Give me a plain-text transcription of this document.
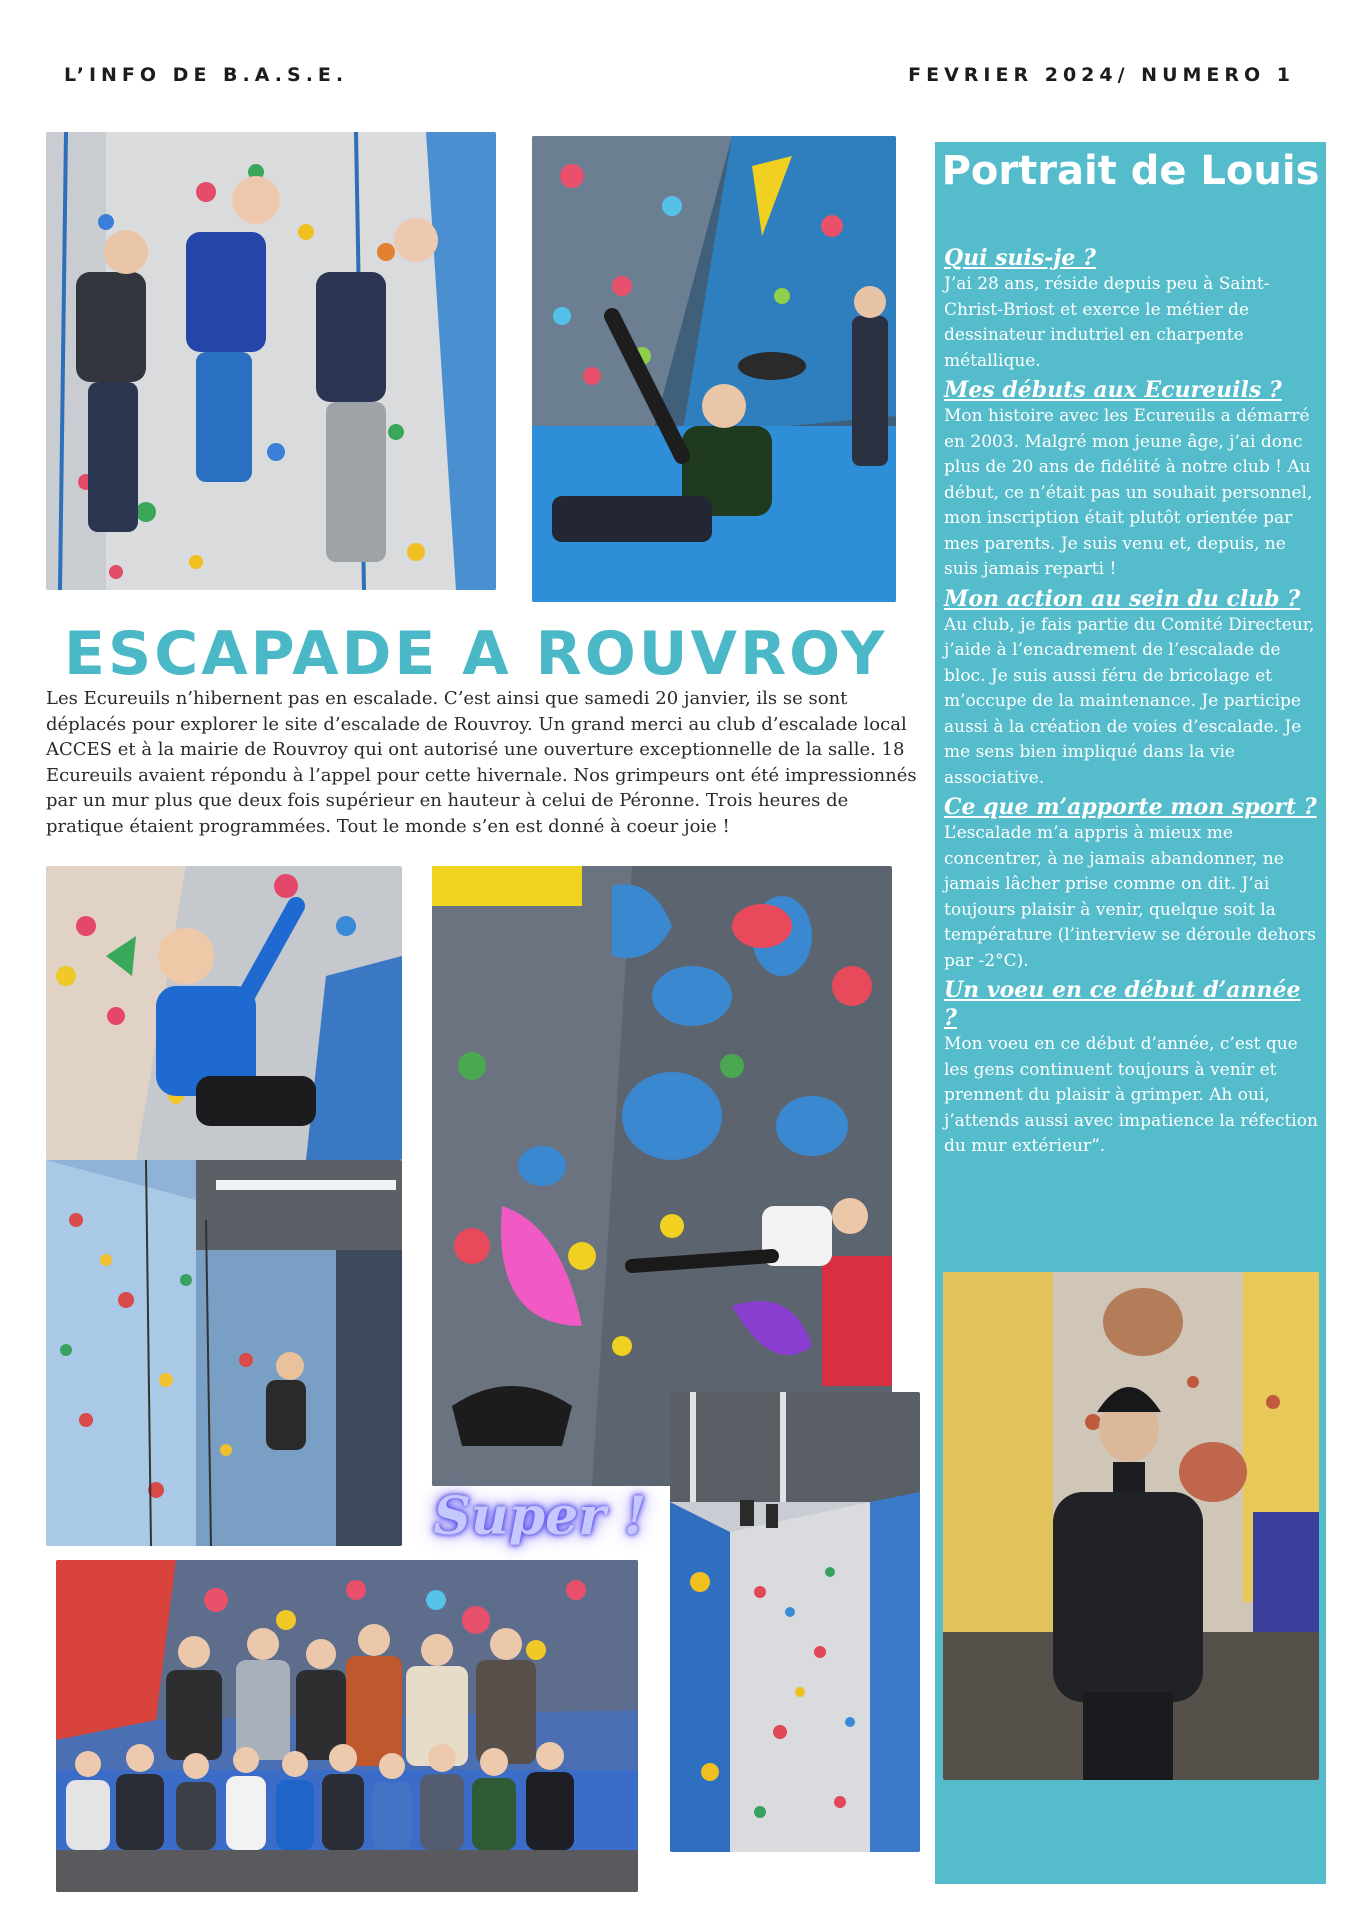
L’INFO DE B.A.S.E.	FEVRIER 2024/ NUMERO 1
ESCAPADE A ROUVROY

Les Ecureuils n’hibernent pas en escalade. C’est ainsi que samedi 20 janvier, ils se sont déplacés pour explorer le site d’escalade de Rouvroy. Un grand merci au club d’escalade local ACCES et à la mairie de Rouvroy qui ont autorisé une ouverture exceptionnelle de la salle. 18 Ecureuils avaient répondu à l’appel pour cette hivernale. Nos grimpeurs ont été impressionnés par un mur plus que deux fois supérieur en hauteur à celui de Péronne. Trois heures de pratique étaient programmées. Tout le monde s’en est donné à coeur joie !

Super !
Portrait de Louis

Qui suis-je ?

J’ai 28 ans, réside depuis peu à Saint-Christ-Briost et exerce le métier de dessinateur indutriel en charpente métallique.

Mes débuts aux Ecureuils ?

Mon histoire avec les Ecureuils a démarré en 2003. Malgré mon jeune âge, j’ai donc plus de 20 ans de fidélité à notre club ! Au début, ce n’était pas un souhait personnel, mon inscription était plutôt orientée par mes parents. Je suis venu et, depuis, ne suis jamais reparti !

Mon action au sein du club ?

Au club, je fais partie du Comité Directeur, j’aide à l’encadrement de l’escalade de bloc. Je suis aussi féru de bricolage et m’occupe de la maintenance. Je participe aussi à la création de voies d’escalade. Je me sens bien impliqué dans la vie associative.

Ce que m’apporte mon sport ?

L’escalade m’a appris à mieux me concentrer, à ne jamais abandonner, ne jamais lâcher prise comme on dit. J’ai toujours plaisir à venir, quelque soit la température (l’interview se déroule dehors par -2°C).

Un voeu en ce début d’année ?

Mon voeu en ce début d’année, c’est que les gens continuent toujours à venir et prennent du plaisir à grimper. Ah oui, j’attends aussi avec impatience la réfection du mur extérieur”.
